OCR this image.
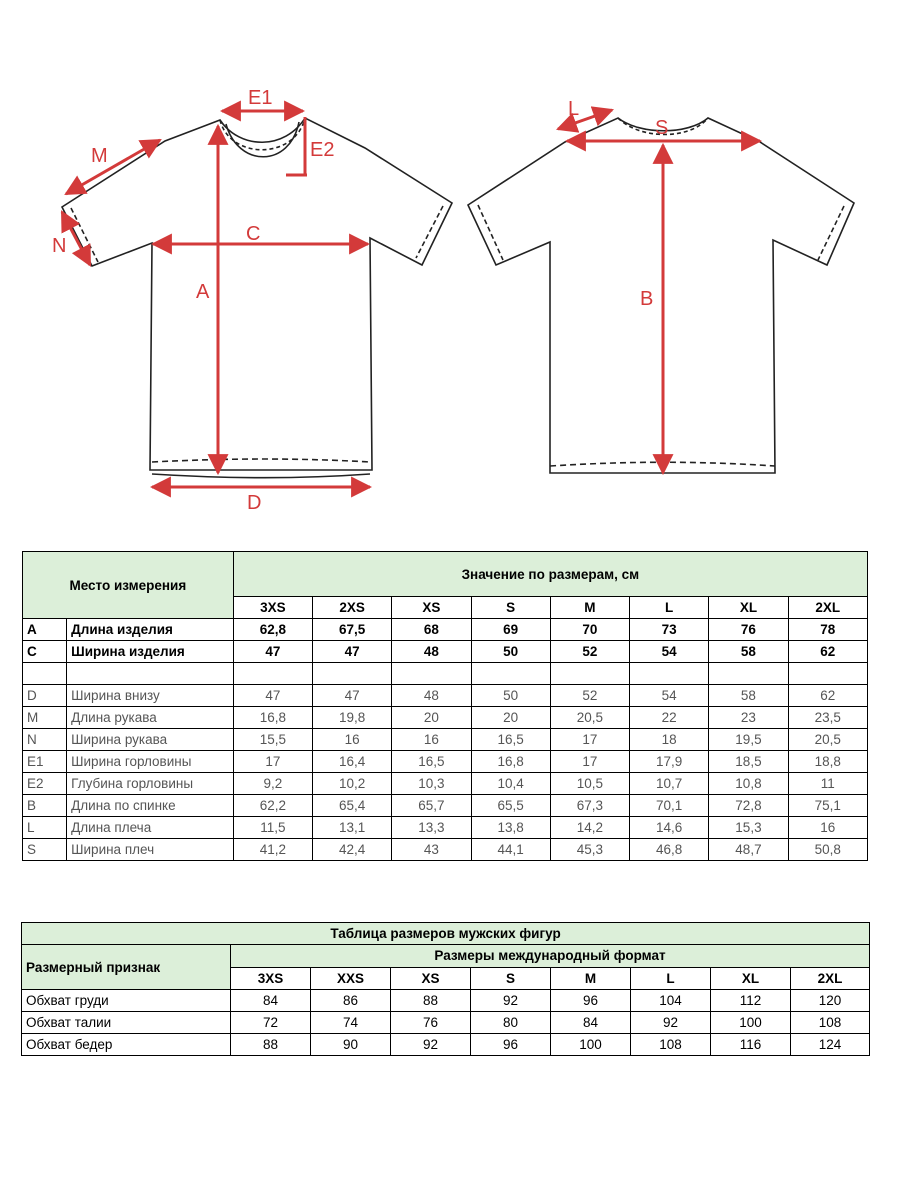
E1
E2
M
N
C
A
D
L
S
B
Место измерения		Значение по размерам, см							
		3XS	2XS	XS	S	M	L	XL	2XL
A	Длина изделия	62,8	67,5	68	69	70	73	76	78
C	Ширина изделия	47	47	48	50	52	54	58	62

D	Ширина внизу	47	47	48	50	52	54	58	62
M	Длина рукава	16,8	19,8	20	20	20,5	22	23	23,5
N	Ширина рукава	15,5	16	16	16,5	17	18	19,5	20,5
E1	Ширина горловины	17	16,4	16,5	16,8	17	17,9	18,5	18,8
E2	Глубина горловины	9,2	10,2	10,3	10,4	10,5	10,7	10,8	11
B	Длина по спинке	62,2	65,4	65,7	65,5	67,3	70,1	72,8	75,1
L	Длина плеча	11,5	13,1	13,3	13,8	14,2	14,6	15,3	16
S	Ширина плеч	41,2	42,4	43	44,1	45,3	46,8	48,7	50,8
Таблица размеров мужских фигур								
Размерный признак	Размеры международный формат							
	3XS	XXS	XS	S	M	L	XL	2XL
Обхват груди	84	86	88	92	96	104	112	120
Обхват талии	72	74	76	80	84	92	100	108
Обхват бедер	88	90	92	96	100	108	116	124
